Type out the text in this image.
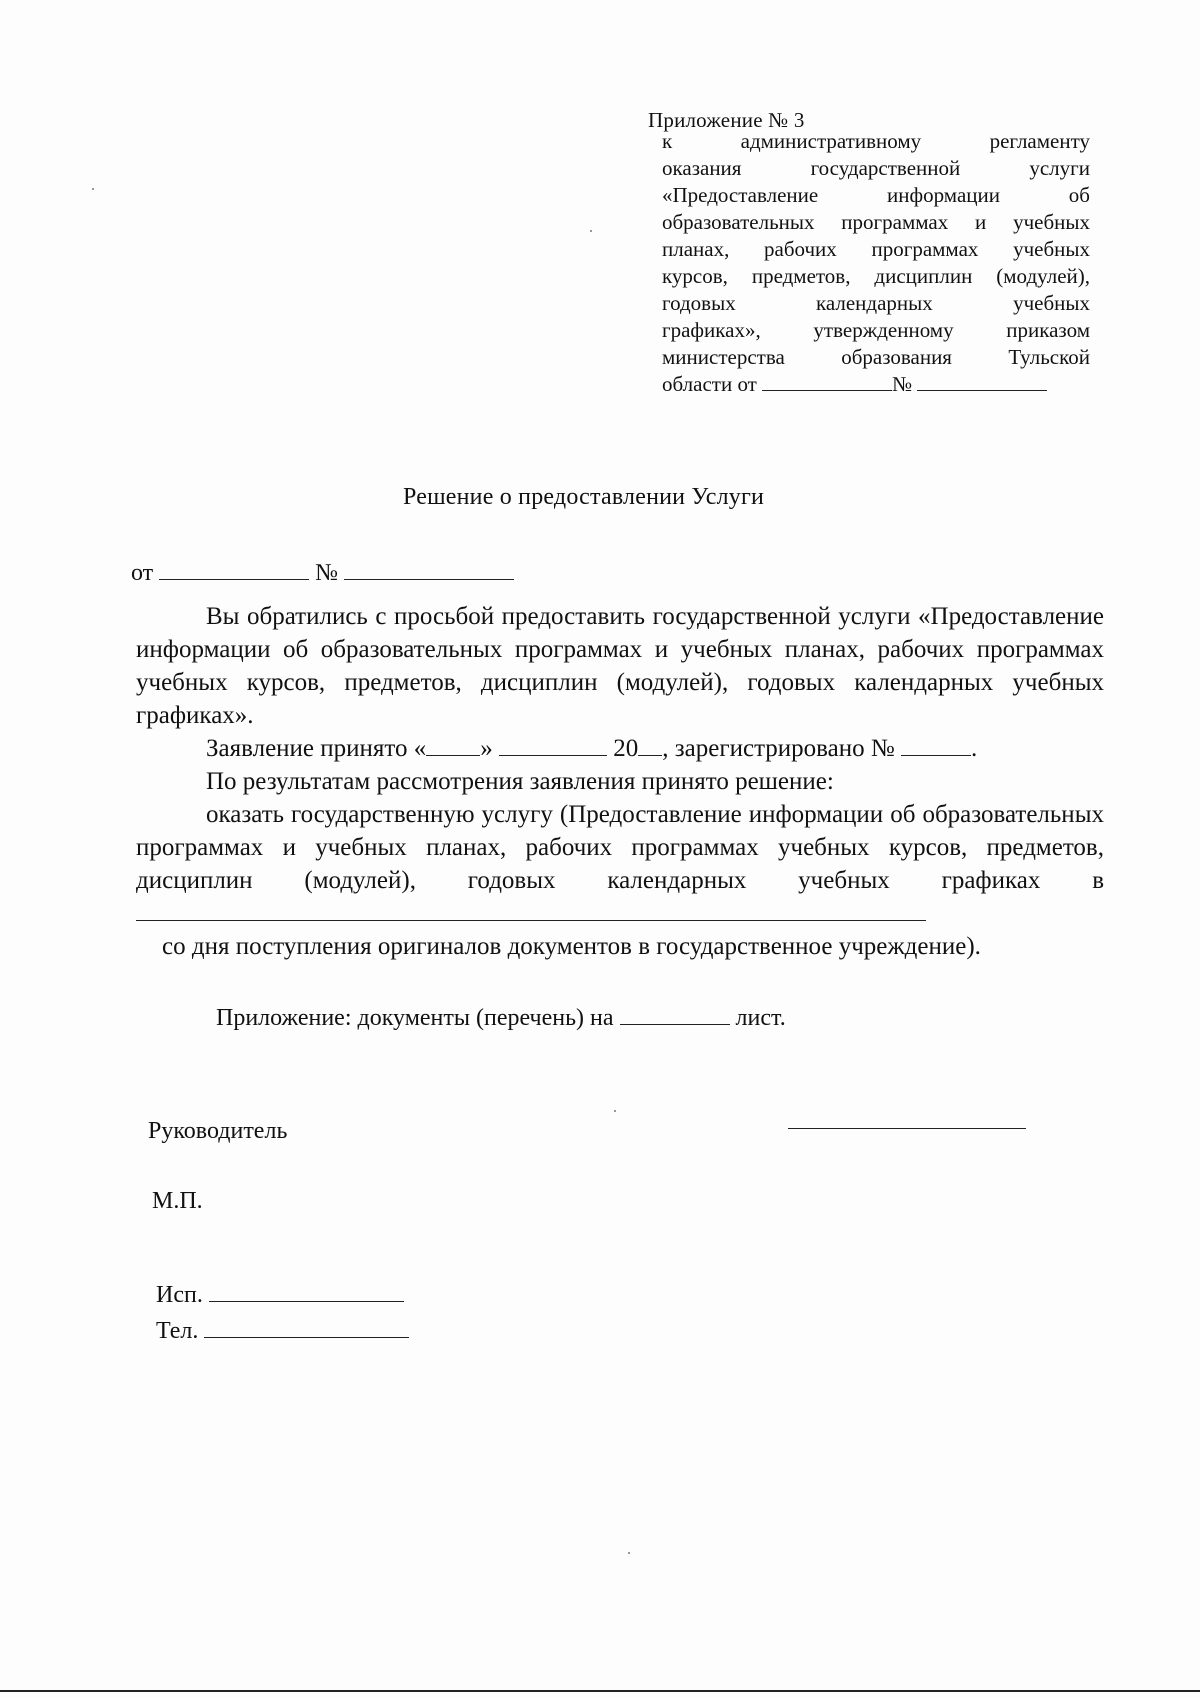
Приложение № 3
к административному регламенту
оказания государственной услуги
«Предоставление информации об
образовательных программах и учебных
планах, рабочих программах учебных
курсов, предметов, дисциплин (модулей),
годовых календарных учебных
графиках», утвержденному приказом
министерства образования Тульской
области от	№
Решение о предоставлении Услуги
от	№

Вы обратились с просьбой предоставить государственной услуги «Предоставление информации об образовательных программах и учебных планах, рабочих программах учебных курсов, предметов, дисциплин (модулей), годовых календарных учебных графиках».

Заявление принято « »	20 , зарегистрировано №	.

По результатам рассмотрения заявления принято решение:

оказать государственную услугу (Предоставление информации об образовательных программах и учебных планах, рабочих программах учебных курсов, предметов, дисциплин (модулей), годовых календарных учебных графиках в

со дня поступления оригиналов документов в государственное учреждение).

Приложение: документы (перечень) на	лист.
Руководитель
М.П.
Исп.
Тел.
